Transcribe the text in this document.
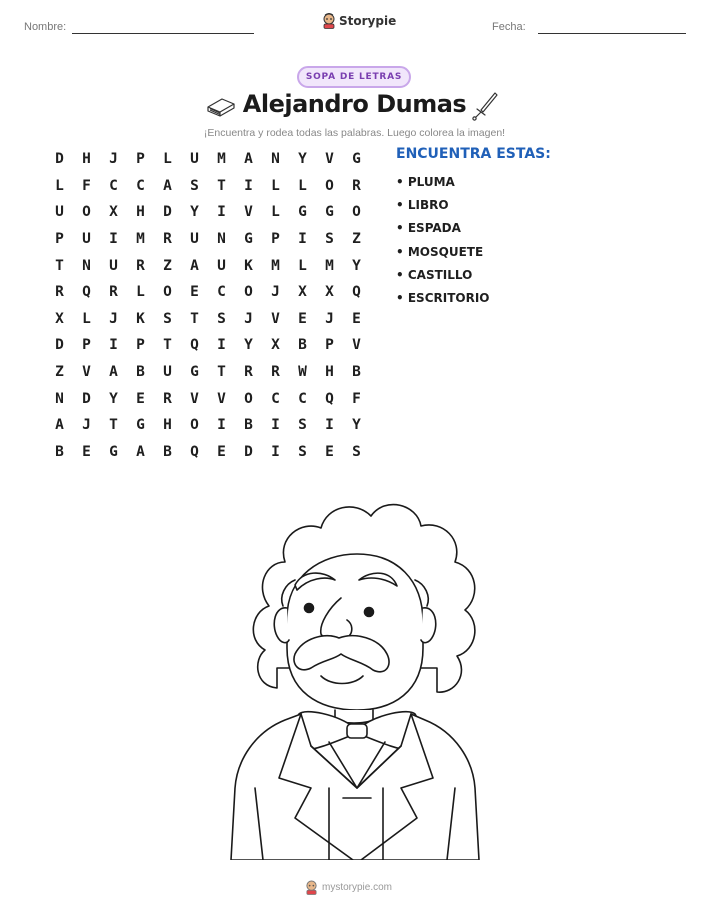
Nombre:	Storypie	Fecha:
SOPA DE LETRAS
Alejandro Dumas
¡Encuentra y rodea todas las palabras. Luego colorea la imagen!
D	H	J	P	L	U	M	A	N	Y	V	G
L	F	C	C	A	S	T	I	L	L	O	R
U	O	X	H	D	Y	I	V	L	G	G	O
P	U	I	M	R	U	N	G	P	I	S	Z
T	N	U	R	Z	A	U	K	M	L	M	Y
R	Q	R	L	O	E	C	O	J	X	X	Q
X	L	J	K	S	T	S	J	V	E	J	E
D	P	I	P	T	Q	I	Y	X	B	P	V
Z	V	A	B	U	G	T	R	R	W	H	B
N	D	Y	E	R	V	V	O	C	C	Q	F
A	J	T	G	H	O	I	B	I	S	I	Y
B	E	G	A	B	Q	E	D	I	S	E	S
ENCUENTRA ESTAS:
• PLUMA
• LIBRO
• ESPADA
• MOSQUETE
• CASTILLO
• ESCRITORIO
mystorypie.com
